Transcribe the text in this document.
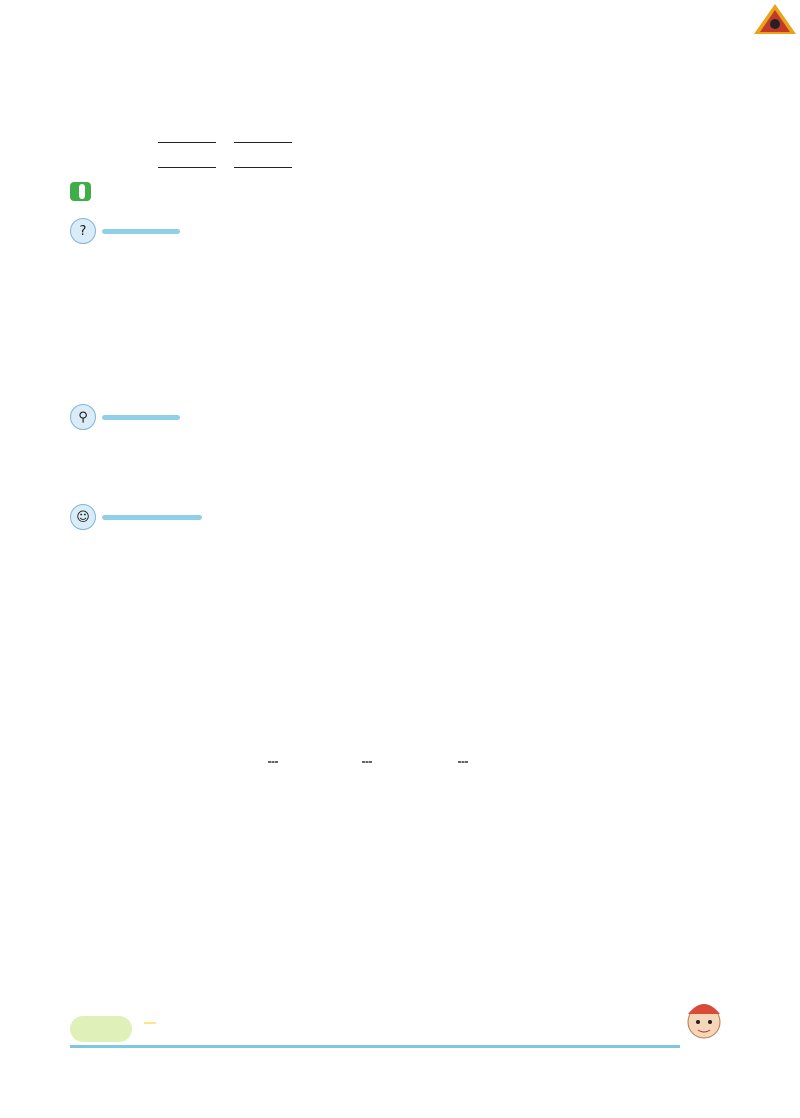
?
⚲
☺
